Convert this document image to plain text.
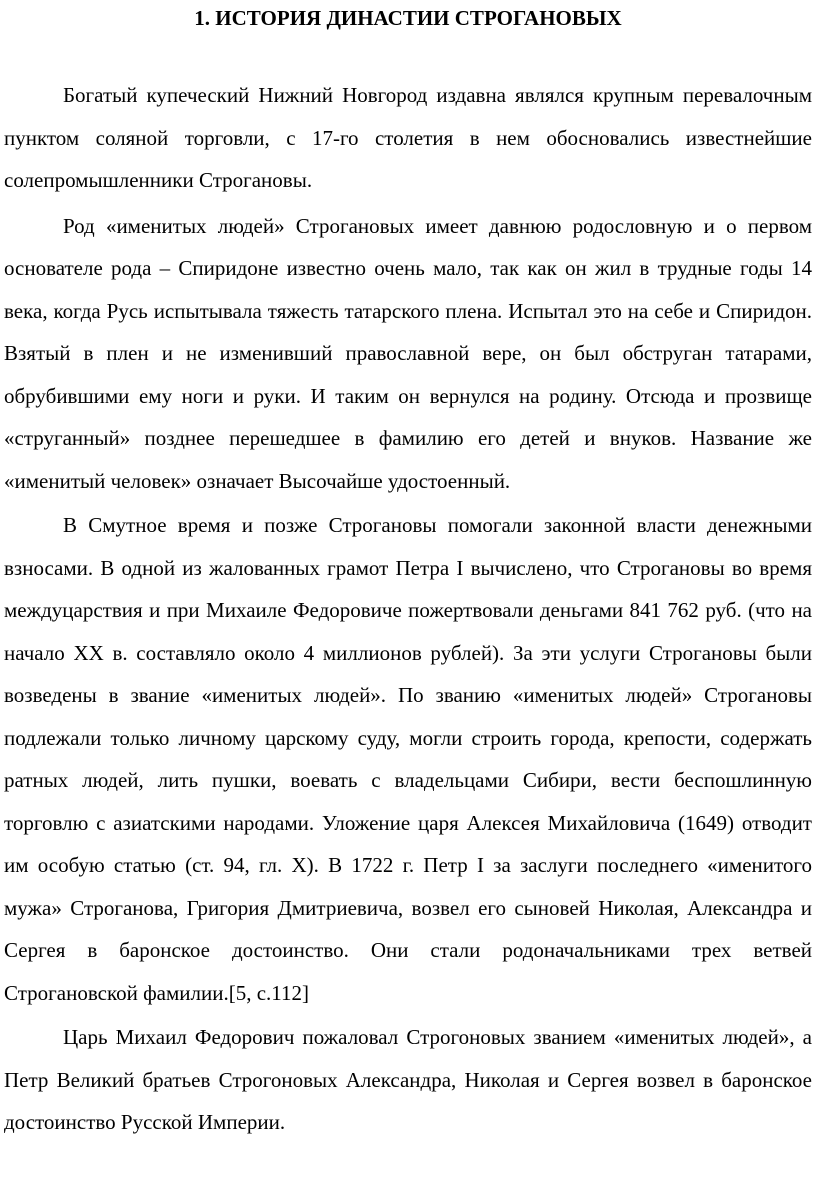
1. ИСТОРИЯ ДИНАСТИИ СТРОГАНОВЫХ

Богатый купеческий Нижний Новгород издавна являлся крупным перевалочным пунктом соляной торговли, с 17-го столетия в нем обосновались известнейшие солепромышленники Строгановы.

Род «именитых людей» Строгановых имеет давнюю родословную и о первом основателе рода – Спиридоне известно очень мало, так как он жил в трудные годы 14 века, когда Русь испытывала тяжесть татарского плена. Испытал это на себе и Спиридон. Взятый в плен и не изменивший православной вере, он был обструган татарами, обрубившими ему ноги и руки. И таким он вернулся на родину. Отсюда и прозвище «струганный» позднее перешедшее в фамилию его детей и внуков. Название же «именитый человек» означает Высочайше удостоенный.

В Смутное время и позже Строгановы помогали законной власти денежными взносами. В одной из жалованных грамот Петра I вычислено, что Строгановы во время междуцарствия и при Михаиле Федоровиче пожертвовали деньгами 841 762 руб. (что на начало XX в. составляло около 4 миллионов рублей). За эти услуги Строгановы были возведены в звание «именитых людей». По званию «именитых людей» Строгановы подлежали только личному царскому суду, могли строить города, крепости, содержать ратных людей, лить пушки, воевать с владельцами Сибири, вести беспошлинную торговлю с азиатскими народами. Уложение царя Алексея Михайловича (1649) отводит им особую статью (ст. 94, гл. X). В 1722 г. Петр I за заслуги последнего «именитого мужа» Строганова, Григория Дмитриевича, возвел его сыновей Николая, Александра и Сергея в баронское достоинство. Они стали родоначальниками трех ветвей Строгановской фамилии.[5, с.112]

Царь Михаил Федорович пожаловал Строгоновых званием «именитых людей», а Петр Великий братьев Строгоновых Александра, Николая и Сергея возвел в баронское достоинство Русской Империи.
